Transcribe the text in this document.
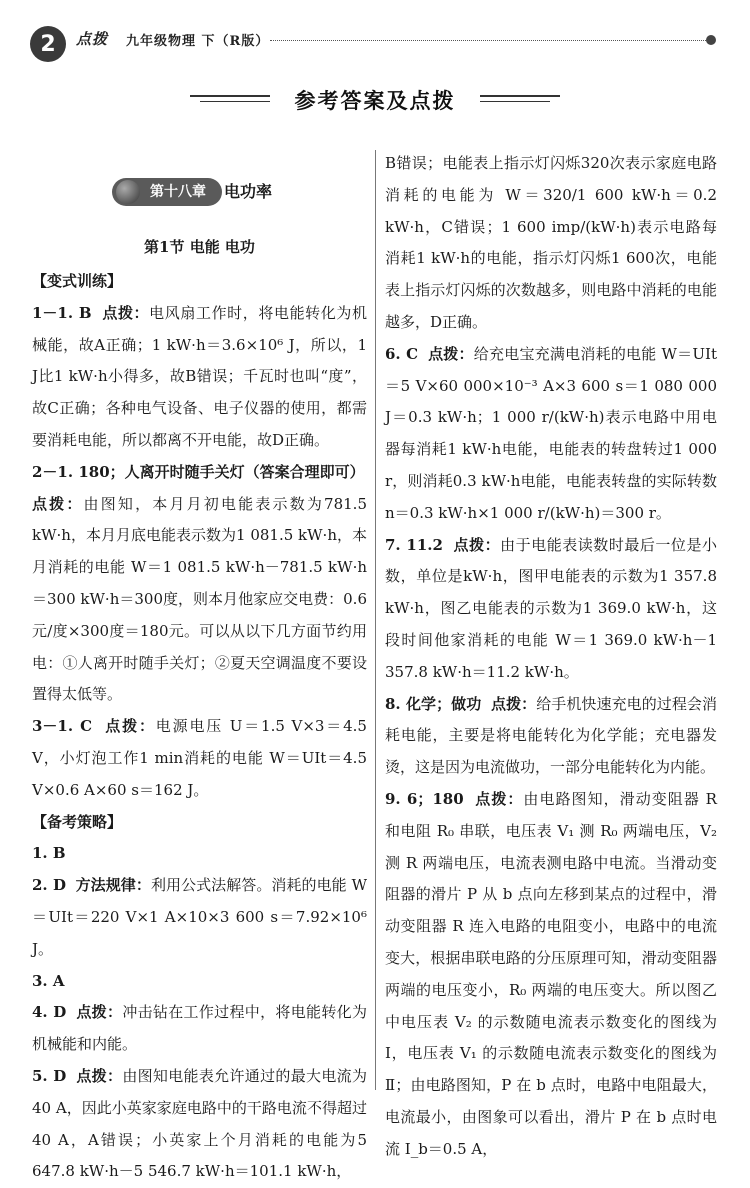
2	点拨 九年级物理 下（R版）
参考答案及点拨
第十八章	电功率
第1节 电能 电功

【变式训练】

1－1. B 点拨：电风扇工作时，将电能转化为机械能，故A正确；1 kW·h＝3.6×10⁶ J，所以，1 J比1 kW·h小得多，故B错误；千瓦时也叫“度”，故C正确；各种电气设备、电子仪器的使用，都需要消耗电能，所以都离不开电能，故D正确。

2－1. 180；人离开时随手关灯（答案合理即可）

点拨：由图知，本月月初电能表示数为781.5 kW·h，本月月底电能表示数为1 081.5 kW·h，本月消耗的电能 W＝1 081.5 kW·h－781.5 kW·h＝300 kW·h＝300度，则本月他家应交电费：0.6元/度×300度＝180元。可以从以下几方面节约用电：①人离开时随手关灯；②夏天空调温度不要设置得太低等。

3－1. C 点拨：电源电压 U＝1.5 V×3＝4.5 V，小灯泡工作1 min消耗的电能 W＝UIt＝4.5 V×0.6 A×60 s＝162 J。

【备考策略】

1. B

2. D 方法规律：利用公式法解答。消耗的电能 W＝UIt＝220 V×1 A×10×3 600 s＝7.92×10⁶ J。

3. A

4. D 点拨：冲击钻在工作过程中，将电能转化为机械能和内能。

5. D 点拨：由图知电能表允许通过的最大电流为40 A，因此小英家家庭电路中的干路电流不得超过40 A，A错误；小英家上个月消耗的电能为5 647.8 kW·h－5 546.7 kW·h＝101.1 kW·h，

B错误；电能表上指示灯闪烁320次表示家庭电路消耗的电能为 W＝320/1 600 kW·h＝0.2 kW·h，C错误；1 600 imp/(kW·h)表示电路每消耗1 kW·h的电能，指示灯闪烁1 600次，电能表上指示灯闪烁的次数越多，则电路中消耗的电能越多，D正确。

6. C 点拨：给充电宝充满电消耗的电能 W＝UIt＝5 V×60 000×10⁻³ A×3 600 s＝1 080 000 J＝0.3 kW·h；1 000 r/(kW·h)表示电路中用电器每消耗1 kW·h电能，电能表的转盘转过1 000 r，则消耗0.3 kW·h电能，电能表转盘的实际转数 n＝0.3 kW·h×1 000 r/(kW·h)＝300 r。

7. 11.2 点拨：由于电能表读数时最后一位是小数，单位是kW·h，图甲电能表的示数为1 357.8 kW·h，图乙电能表的示数为1 369.0 kW·h，这段时间他家消耗的电能 W＝1 369.0 kW·h－1 357.8 kW·h＝11.2 kW·h。

8. 化学；做功 点拨：给手机快速充电的过程会消耗电能，主要是将电能转化为化学能；充电器发烫，这是因为电流做功，一部分电能转化为内能。

9. 6；180 点拨：由电路图知，滑动变阻器 R 和电阻 R₀ 串联，电压表 V₁ 测 R₀ 两端电压，V₂ 测 R 两端电压，电流表测电路中电流。当滑动变阻器的滑片 P 从 b 点向左移到某点的过程中，滑动变阻器 R 连入电路的电阻变小，电路中的电流变大，根据串联电路的分压原理可知，滑动变阻器两端的电压变小，R₀ 两端的电压变大。所以图乙中电压表 V₂ 的示数随电流表示数变化的图线为Ⅰ，电压表 V₁ 的示数随电流表示数变化的图线为Ⅱ；由电路图知，P 在 b 点时，电路中电阻最大，电流最小，由图象可以看出，滑片 P 在 b 点时电流 I_b＝0.5 A，
